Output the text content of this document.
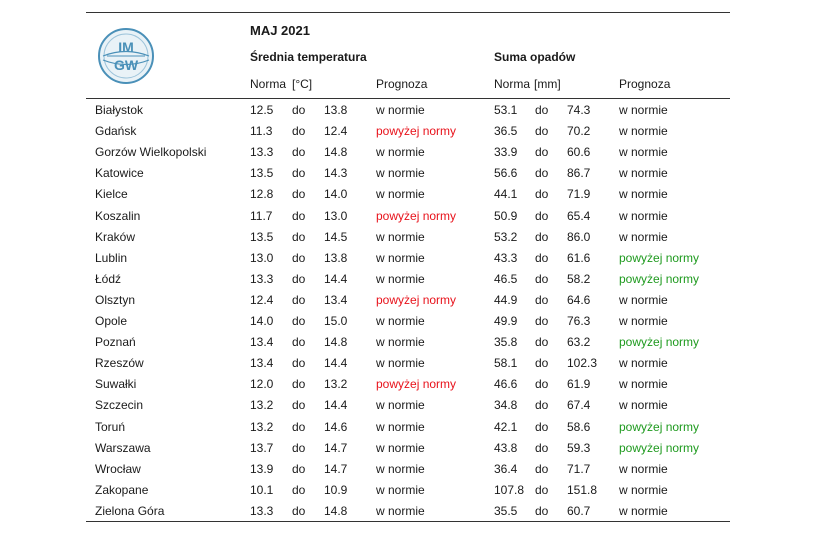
IM
GW
MAJ 2021
Średnia temperatura	Suma opadów
Norma [°C]	Prognoza	Norma [mm]	Prognoza
Białystok	12.5 do 13.8 w normie	53.1 do 74.3 w normie
Gdańsk	11.3 do 12.4 powyżej normy	36.5 do 70.2 w normie
Gorzów Wielkopolski	13.3 do 14.8 w normie	33.9 do 60.6 w normie
Katowice	13.5 do 14.3 w normie	56.6 do 86.7 w normie
Kielce	12.8 do 14.0 w normie	44.1 do 71.9 w normie
Koszalin	11.7 do 13.0 powyżej normy	50.9 do 65.4 w normie
Kraków	13.5 do 14.5 w normie	53.2 do 86.0 w normie
Lublin	13.0 do 13.8 w normie	43.3 do 61.6 powyżej normy
Łódź	13.3 do 14.4 w normie	46.5 do 58.2 powyżej normy
Olsztyn	12.4 do 13.4 powyżej normy	44.9 do 64.6 w normie
Opole	14.0 do 15.0 w normie	49.9 do 76.3 w normie
Poznań	13.4 do 14.8 w normie	35.8 do 63.2 powyżej normy
Rzeszów	13.4 do 14.4 w normie	58.1 do 102.3 w normie
Suwałki	12.0 do 13.2 powyżej normy	46.6 do 61.9 w normie
Szczecin	13.2 do 14.4 w normie	34.8 do 67.4 w normie
Toruń	13.2 do 14.6 w normie	42.1 do 58.6 powyżej normy
Warszawa	13.7 do 14.7 w normie	43.8 do 59.3 powyżej normy
Wrocław	13.9 do 14.7 w normie	36.4 do 71.7 w normie
Zakopane	10.1 do 10.9 w normie	107.8 do 151.8 w normie
Zielona Góra	13.3 do 14.8 w normie	35.5 do 60.7 w normie
